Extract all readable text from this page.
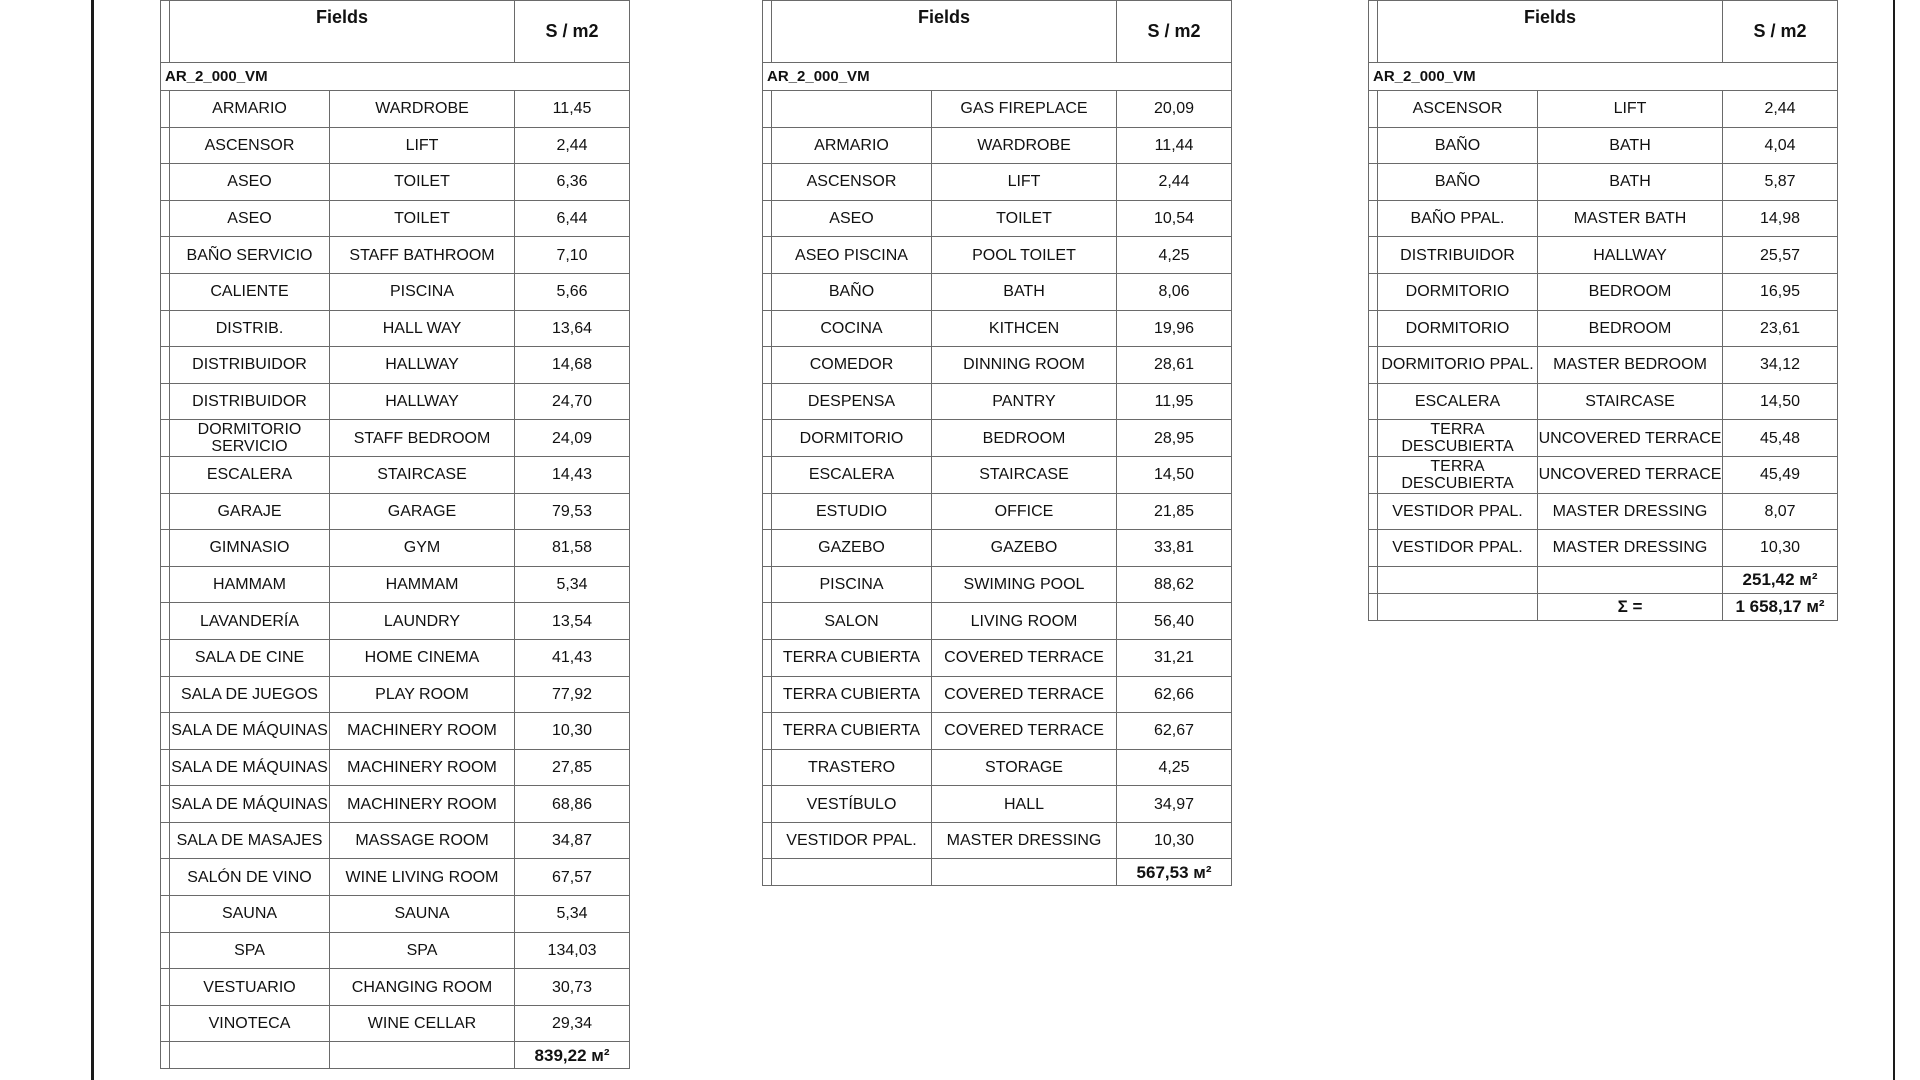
	Fields		S / m2
AR_2_000_VM			
	ARMARIO	WARDROBE	11,45
	ASCENSOR	LIFT	2,44
	ASEO	TOILET	6,36
	ASEO	TOILET	6,44
	BAÑO SERVICIO	STAFF BATHROOM	7,10
	CALIENTE	PISCINA	5,66
	DISTRIB.	HALL WAY	13,64
	DISTRIBUIDOR	HALLWAY	14,68
	DISTRIBUIDOR	HALLWAY	24,70
	DORMITORIO SERVICIO	STAFF BEDROOM	24,09
	ESCALERA	STAIRCASE	14,43
	GARAJE	GARAGE	79,53
	GIMNASIO	GYM	81,58
	HAMMAM	HAMMAM	5,34
	LAVANDERÍA	LAUNDRY	13,54
	SALA DE CINE	HOME CINEMA	41,43
	SALA DE JUEGOS	PLAY ROOM	77,92
	SALA DE MÁQUINAS	MACHINERY ROOM	10,30
	SALA DE MÁQUINAS	MACHINERY ROOM	27,85
	SALA DE MÁQUINAS	MACHINERY ROOM	68,86
	SALA DE MASAJES	MASSAGE ROOM	34,87
	SALÓN DE VINO	WINE LIVING ROOM	67,57
	SAUNA	SAUNA	5,34
	SPA	SPA	134,03
	VESTUARIO	CHANGING ROOM	30,73
	VINOTECA	WINE CELLAR	29,34
			839,22 м²
	Fields		S / m2
AR_2_000_VM			
		GAS FIREPLACE	20,09
	ARMARIO	WARDROBE	11,44
	ASCENSOR	LIFT	2,44
	ASEO	TOILET	10,54
	ASEO PISCINA	POOL TOILET	4,25
	BAÑO	BATH	8,06
	COCINA	KITHCEN	19,96
	COMEDOR	DINNING ROOM	28,61
	DESPENSA	PANTRY	11,95
	DORMITORIO	BEDROOM	28,95
	ESCALERA	STAIRCASE	14,50
	ESTUDIO	OFFICE	21,85
	GAZEBO	GAZEBO	33,81
	PISCINA	SWIMING POOL	88,62
	SALON	LIVING ROOM	56,40
	TERRA CUBIERTA	COVERED TERRACE	31,21
	TERRA CUBIERTA	COVERED TERRACE	62,66
	TERRA CUBIERTA	COVERED TERRACE	62,67
	TRASTERO	STORAGE	4,25
	VESTÍBULO	HALL	34,97
	VESTIDOR PPAL.	MASTER DRESSING	10,30
			567,53 м²
	Fields		S / m2
AR_2_000_VM			
	ASCENSOR	LIFT	2,44
	BAÑO	BATH	4,04
	BAÑO	BATH	5,87
	BAÑO PPAL.	MASTER BATH	14,98
	DISTRIBUIDOR	HALLWAY	25,57
	DORMITORIO	BEDROOM	16,95
	DORMITORIO	BEDROOM	23,61
	DORMITORIO PPAL.	MASTER BEDROOM	34,12
	ESCALERA	STAIRCASE	14,50
	TERRA DESCUBIERTA	UNCOVERED TERRACE	45,48
	TERRA DESCUBIERTA	UNCOVERED TERRACE	45,49
	VESTIDOR PPAL.	MASTER DRESSING	8,07
	VESTIDOR PPAL.	MASTER DRESSING	10,30
			251,42 м²
		Σ =	1 658,17 м²
